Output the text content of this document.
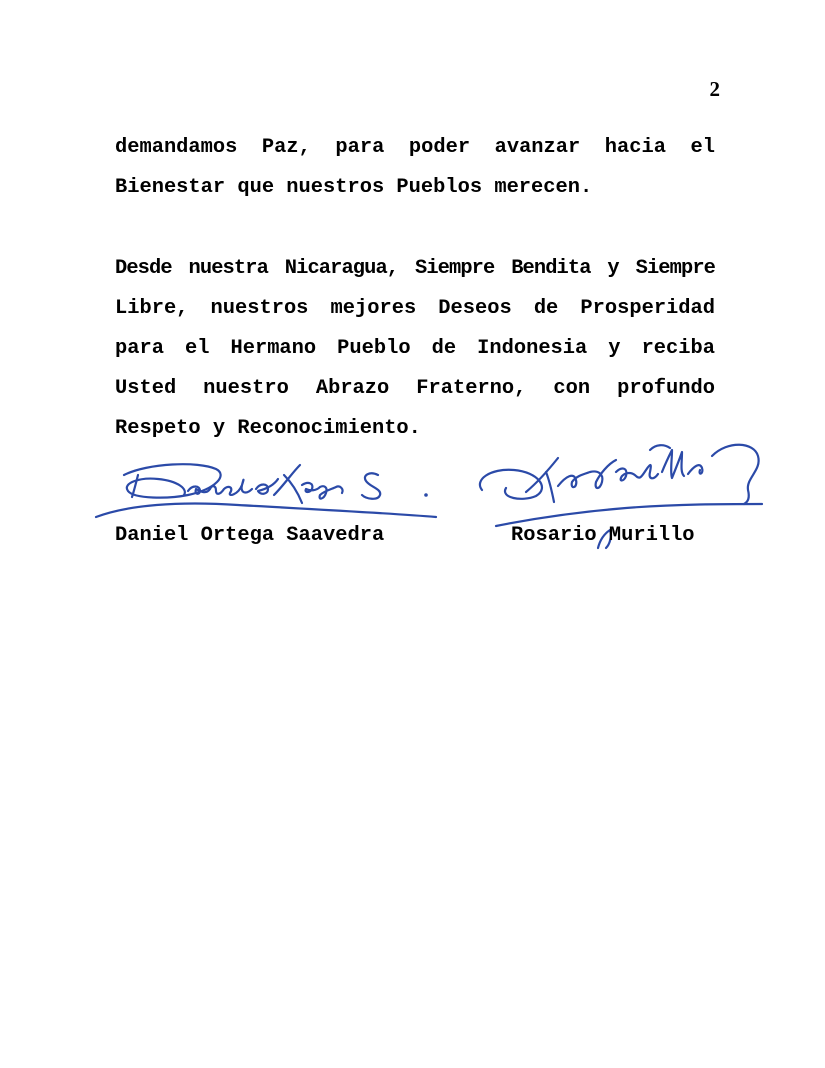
2
demandamos Paz, para poder avanzar hacia el
Bienestar que nuestros Pueblos merecen.
Desde nuestra Nicaragua, Siempre Bendita y Siempre
Libre, nuestros mejores Deseos de Prosperidad
para el Hermano Pueblo de Indonesia y reciba
Usted nuestro Abrazo Fraterno, con profundo
Respeto y Reconocimiento.
Daniel Ortega Saavedra	Rosario Murillo
